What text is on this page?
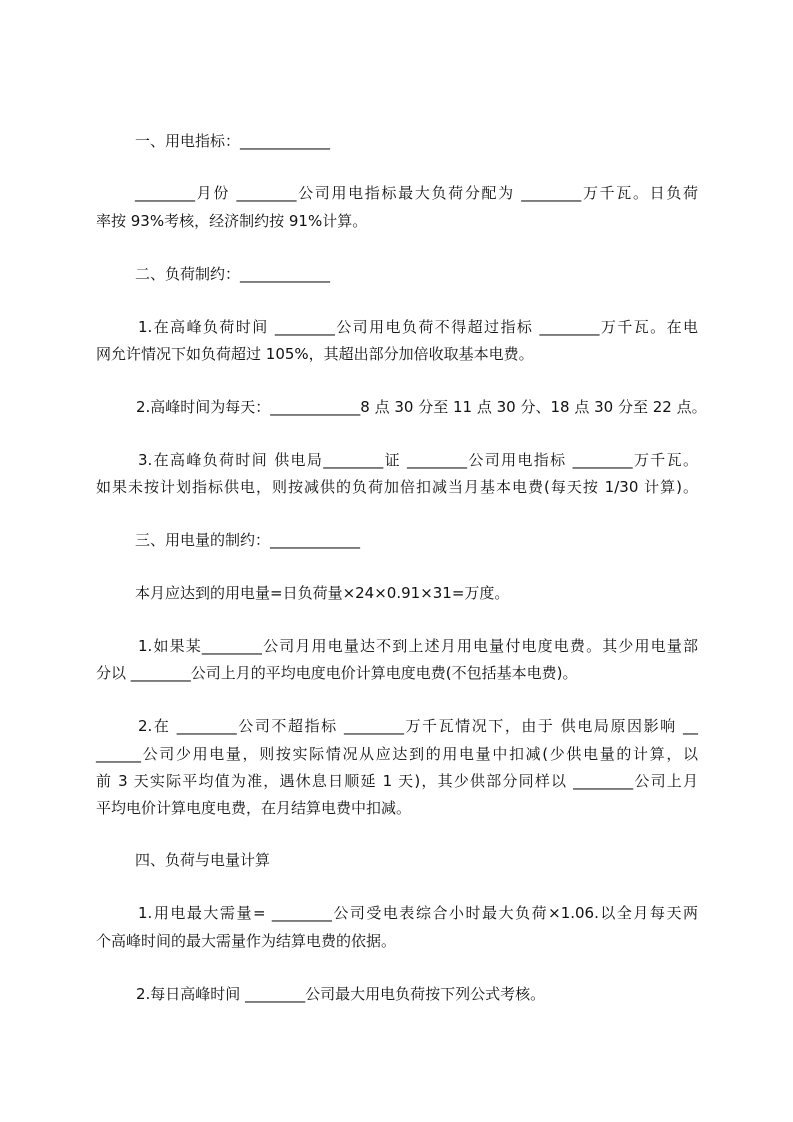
一、用电指标：____________

________月份 ________公司用电指标最大负荷分配为 ________万千瓦。日负荷

率按 93%考核，经济制约按 91%计算。

二、负荷制约：____________

1.在高峰负荷时间 ________公司用电负荷不得超过指标 ________万千瓦。在电

网允许情况下如负荷超过 105%，其超出部分加倍收取基本电费。

2.高峰时间为每天：____________8 点 30 分至 11 点 30 分、18 点 30 分至 22 点。

3.在高峰负荷时间 供电局________证 ________公司用电指标 ________万千瓦。

如果未按计划指标供电，则按减供的负荷加倍扣减当月基本电费(每天按 1/30 计算)。

三、用电量的制约：____________

本月应达到的用电量=日负荷量×24×0.91×31=万度。

1.如果某________公司月用电量达不到上述月用电量付电度电费。其少用电量部

分以 ________公司上月的平均电度电价计算电度电费(不包括基本电费)。

2.在 ________公司不超指标 ________万千瓦情况下，由于 供电局原因影响 __

______公司少用电量，则按实际情况从应达到的用电量中扣减(少供电量的计算，以

前 3 天实际平均值为准，遇休息日顺延 1 天)，其少供部分同样以 ________公司上月

平均电价计算电度电费，在月结算电费中扣减。

四、负荷与电量计算

1.用电最大需量= ________公司受电表综合小时最大负荷×1.06.以全月每天两

个高峰时间的最大需量作为结算电费的依据。

2.每日高峰时间 ________公司最大用电负荷按下列公式考核。
